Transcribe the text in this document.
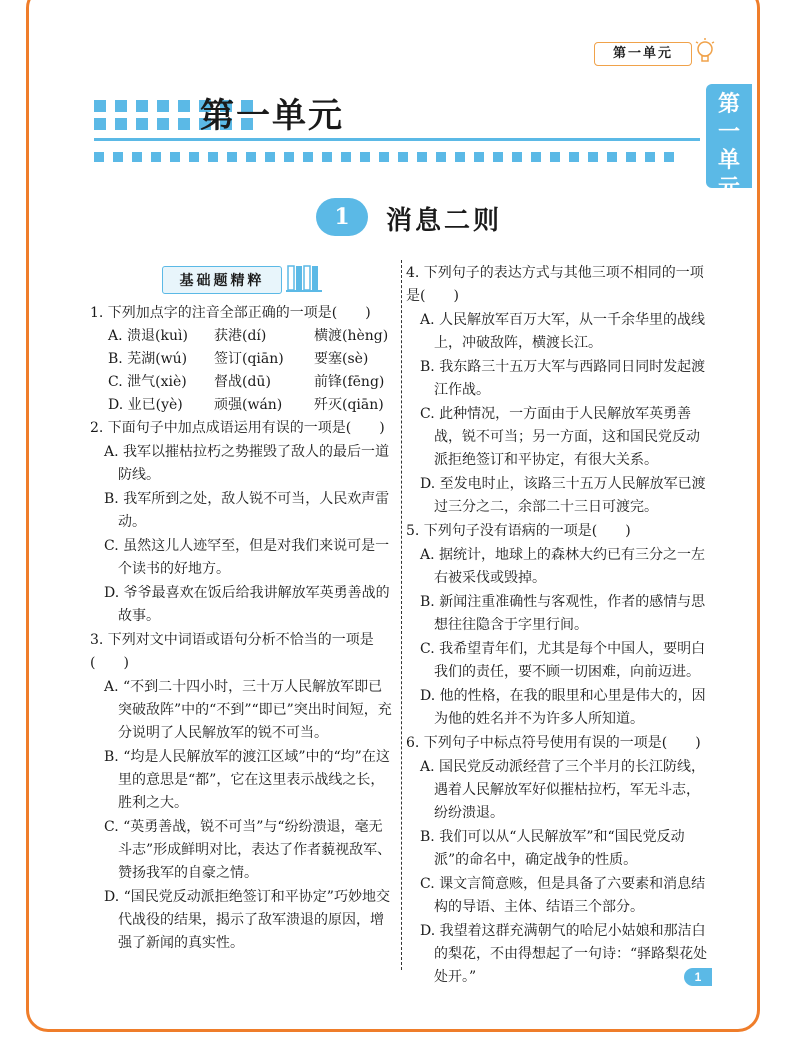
第一单元
第
一
单
元
第一单元
1	消息二则
基础题精粹
1. 下列加点字的注音全部正确的一项是(　　)
A. 溃退(kuì)	获港(dí)	横渡(hèng)
B. 芜湖(wú)	签订(qiān)	要塞(sè)
C. 泄气(xiè)	督战(dū)	前锋(fēng)
D. 业已(yè)	顽强(wán)	歼灭(qiān)
2. 下面句子中加点成语运用有误的一项是(　　)
A. 我军以摧枯拉朽之势摧毁了敌人的最后一道防线。
B. 我军所到之处，敌人锐不可当，人民欢声雷动。
C. 虽然这儿人迹罕至，但是对我们来说可是一个读书的好地方。
D. 爷爷最喜欢在饭后给我讲解放军英勇善战的故事。
3. 下列对文中词语或语句分析不恰当的一项是(　　)
A. “不到二十四小时，三十万人民解放军即已突破敌阵”中的“不到”“即已”突出时间短，充分说明了人民解放军的锐不可当。
B. “均是人民解放军的渡江区域”中的“均”在这里的意思是“都”，它在这里表示战线之长，胜利之大。
C. “英勇善战，锐不可当”与“纷纷溃退，毫无斗志”形成鲜明对比，表达了作者藐视敌军、赞扬我军的自豪之情。
D. “国民党反动派拒绝签订和平协定”巧妙地交代战役的结果，揭示了敌军溃退的原因，增强了新闻的真实性。
4. 下列句子的表达方式与其他三项不相同的一项是(　　)
A. 人民解放军百万大军，从一千余华里的战线上，冲破敌阵，横渡长江。
B. 我东路三十五万大军与西路同日同时发起渡江作战。
C. 此种情况，一方面由于人民解放军英勇善战，锐不可当；另一方面，这和国民党反动派拒绝签订和平协定，有很大关系。
D. 至发电时止，该路三十五万人民解放军已渡过三分之二，余部二十三日可渡完。
5. 下列句子没有语病的一项是(　　)
A. 据统计，地球上的森林大约已有三分之一左右被采伐或毁掉。
B. 新闻注重准确性与客观性，作者的感情与思想往往隐含于字里行间。
C. 我希望青年们，尤其是每个中国人，要明白我们的责任，要不顾一切困难，向前迈进。
D. 他的性格，在我的眼里和心里是伟大的，因为他的姓名并不为许多人所知道。
6. 下列句子中标点符号使用有误的一项是(　　)
A. 国民党反动派经营了三个半月的长江防线，遇着人民解放军好似摧枯拉朽，军无斗志，纷纷溃退。
B. 我们可以从“人民解放军”和“国民党反动派”的命名中，确定战争的性质。
C. 课文言简意赅，但是具备了六要素和消息结构的导语、主体、结语三个部分。
D. 我望着这群充满朝气的哈尼小姑娘和那洁白的梨花，不由得想起了一句诗：“驿路梨花处处开。”	1
